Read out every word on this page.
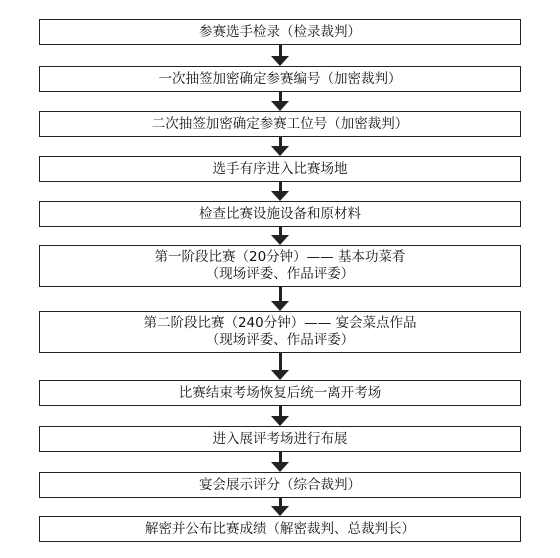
参赛选手检录（检录裁判）
一次抽签加密确定参赛编号（加密裁判）
二次抽签加密确定参赛工位号（加密裁判）
选手有序进入比赛场地
检查比赛设施设备和原材料
第一阶段比赛（20分钟）—— 基本功菜肴
（现场评委、作品评委）
第二阶段比赛（240分钟）—— 宴会菜点作品
（现场评委、作品评委）
比赛结束考场恢复后统一离开考场
进入展评考场进行布展
宴会展示评分（综合裁判）
解密并公布比赛成绩（解密裁判、总裁判长）
